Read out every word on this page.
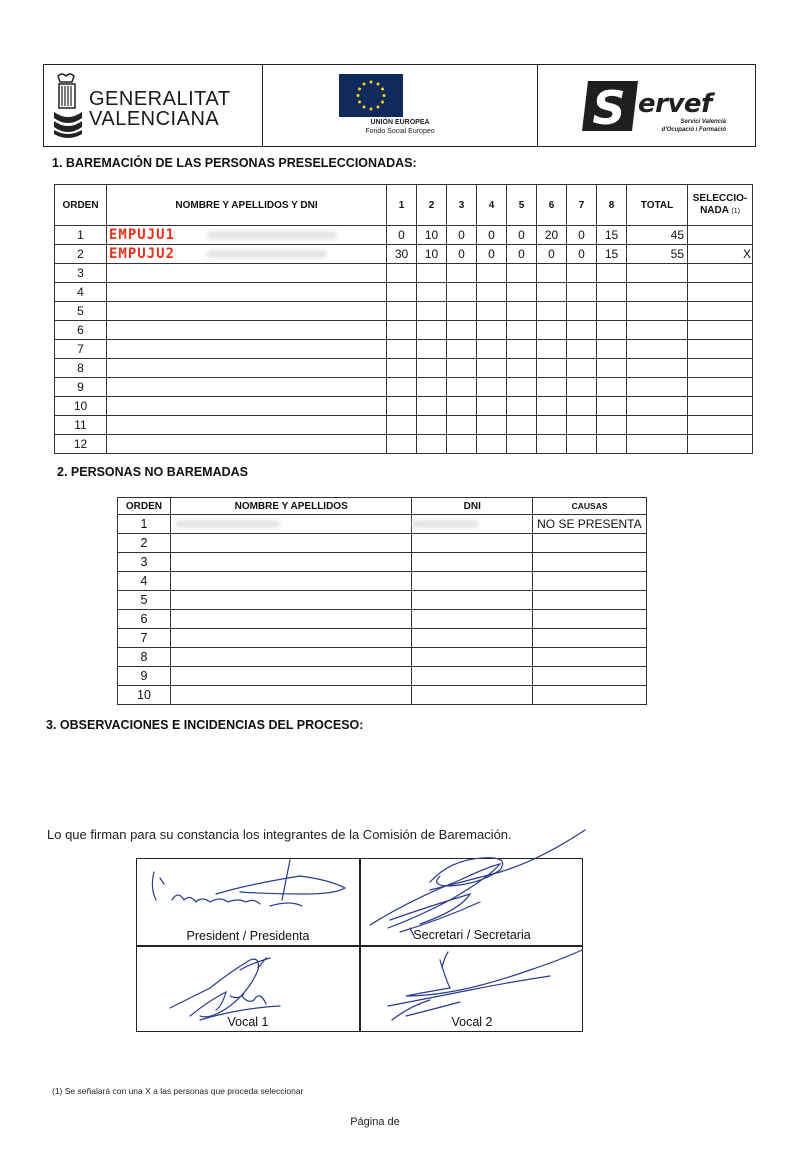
GENERALITAT
VALENCIANA	UNIÓN EUROPEA
Fondo Social Europeo	S ervef
Servici Valencià
d'Ocupació i Formació
1. BAREMACIÓN DE LAS PERSONAS PRESELECCIONADAS:
ORDEN	NOMBRE Y APELLIDOS Y DNI	1	2	3	4	5	6	7	8	TOTAL	SELECCIO-
NADA (1)
1	EMPUJU1	0	10	0	0	0	20	0	15	45	
2	EMPUJU2	30	10	0	0	0	0	0	15	55	X
3											
4											
5											
6											
7											
8											
9											
10											
11											
12											
2. PERSONAS NO BAREMADAS
ORDEN	NOMBRE Y APELLIDOS	DNI	CAUSAS
1			NO SE PRESENTA
2			
3			
4			
5			
6			
7			
8			
9			
10			
3. OBSERVACIONES E INCIDENCIAS DEL PROCESO:
Lo que firman para su constancia los integrantes de la Comisión de Baremación.
President / Presidenta	Secretari / Secretaria
Vocal 1	Vocal 2
(1) Se señalará con una X a las personas que proceda seleccionar
Página de
